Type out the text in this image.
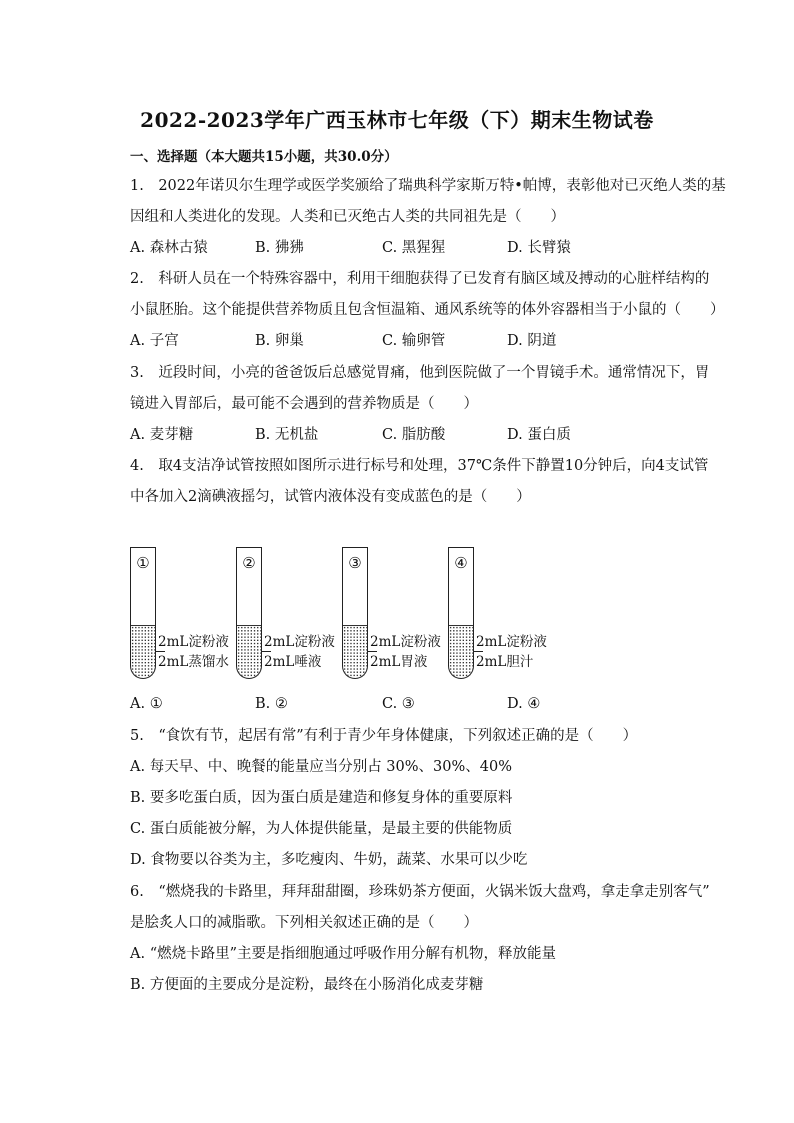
2022-2023学年广西玉林市七年级（下）期末生物试卷
一、选择题（本大题共15小题，共30.0分）
1.　2022年诺贝尔生理学或医学奖颁给了瑞典科学家斯万特•帕博，表彰他对已灭绝人类的基
因组和人类进化的发现。人类和已灭绝古人类的共同祖先是（　　）
A. 森林古猿	B. 狒狒	C. 黑猩猩	D. 长臂猿
2.　科研人员在一个特殊容器中，利用干细胞获得了已发育有脑区域及搏动的心脏样结构的
小鼠胚胎。这个能提供营养物质且包含恒温箱、通风系统等的体外容器相当于小鼠的（　　）
A. 子宫	B. 卵巢	C. 输卵管	D. 阴道
3.　近段时间，小亮的爸爸饭后总感觉胃痛，他到医院做了一个胃镜手术。通常情况下，胃
镜进入胃部后，最可能不会遇到的营养物质是（　　）
A. 麦芽糖	B. 无机盐	C. 脂肪酸	D. 蛋白质
4.　取4支洁净试管按照如图所示进行标号和处理，37℃条件下静置10分钟后，向4支试管
中各加入2滴碘液摇匀，试管内液体没有变成蓝色的是（　　）
①
2mL淀粉液
2mL蒸馏水
②
2mL淀粉液
2mL唾液
③
2mL淀粉液
2mL胃液
④
2mL淀粉液
2mL胆汁
A. ①	B. ②	C. ③	D. ④
5.　“食饮有节，起居有常”有利于青少年身体健康，下列叙述正确的是（　　）
A. 每天早、中、晚餐的能量应当分别占 30%、30%、40%
B. 要多吃蛋白质，因为蛋白质是建造和修复身体的重要原料
C. 蛋白质能被分解，为人体提供能量，是最主要的供能物质
D. 食物要以谷类为主，多吃瘦肉、牛奶，蔬菜、水果可以少吃
6.　“燃烧我的卡路里，拜拜甜甜圈，珍珠奶茶方便面，火锅米饭大盘鸡，拿走拿走别客气”
是脍炙人口的减脂歌。下列相关叙述正确的是（　　）
A. “燃烧卡路里”主要是指细胞通过呼吸作用分解有机物，释放能量
B. 方便面的主要成分是淀粉，最终在小肠消化成麦芽糖
